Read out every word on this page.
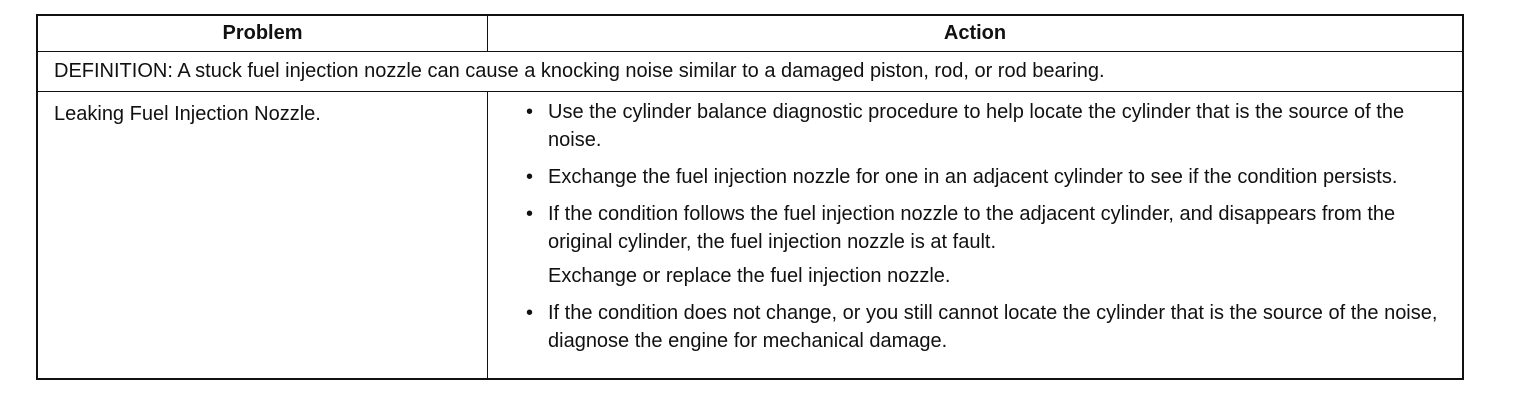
Problem	Action
DEFINITION: A stuck fuel injection nozzle can cause a knocking noise similar to a damaged piston, rod, or rod bearing.
Leaking Fuel Injection Nozzle.	• Use the cylinder balance diagnostic procedure to help locate the cylinder that is the source of the noise.
• Exchange the fuel injection nozzle for one in an adjacent cylinder to see if the condition persists.
• If the condition follows the fuel injection nozzle to the adjacent cylinder, and disappears from the original cylinder, the fuel injection nozzle is at fault.
Exchange or replace the fuel injection nozzle.
• If the condition does not change, or you still cannot locate the cylinder that is the source of the noise, diagnose the engine for mechanical damage.
